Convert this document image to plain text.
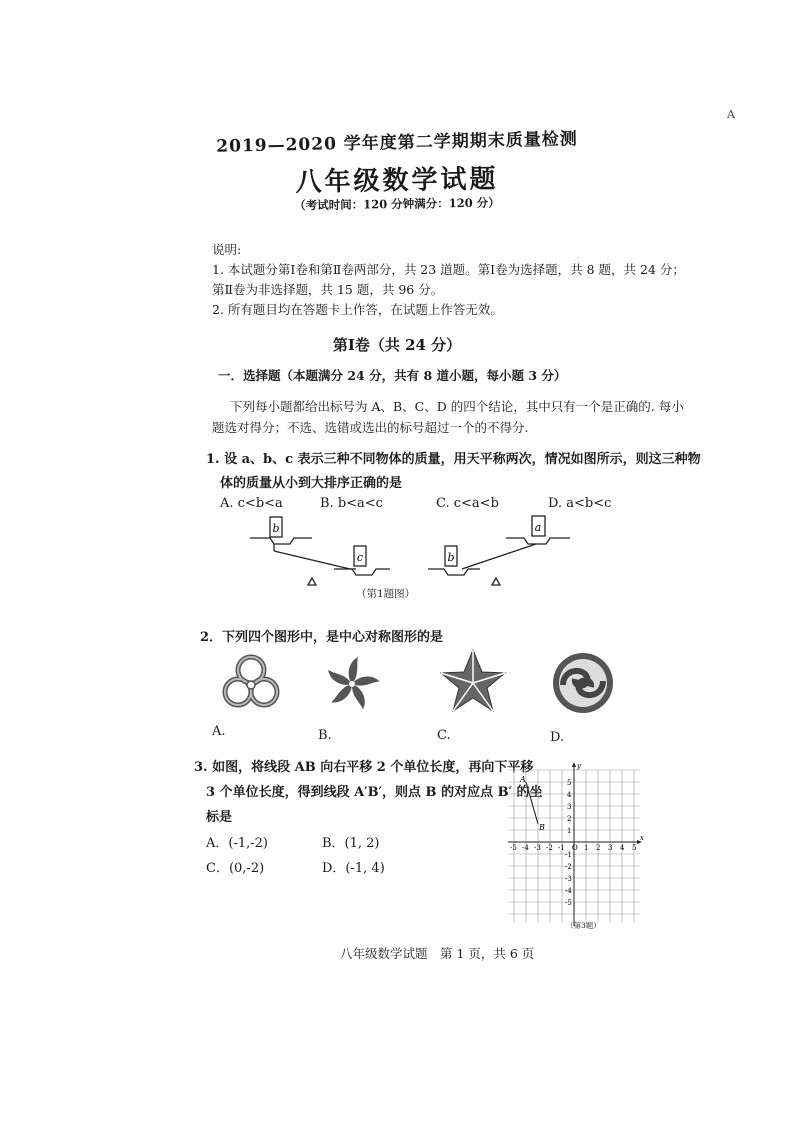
A
2019—2020 学年度第二学期期末质量检测
八年级数学试题
（考试时间：120 分钟满分：120 分）
说明:
1. 本试题分第Ⅰ卷和第Ⅱ卷两部分，共 23 道题。第Ⅰ卷为选择题，共 8 题，共 24 分；
第Ⅱ卷为非选择题，共 15 题，共 96 分。
2. 所有题目均在答题卡上作答，在试题上作答无效。
第Ⅰ卷（共 24 分）
一．选择题（本题满分 24 分，共有 8 道小题，每小题 3 分）
下列每小题都给出标号为 A、B、C、D 的四个结论，其中只有一个是正确的. 每小
题选对得分；不选、选错或选出的标号超过一个的不得分.
1. 设 a、b、c 表示三种不同物体的质量，用天平称两次，情况如图所示，则这三种物
体的质量从小到大排序正确的是
A. c<b<a	B. b<a<c	C. c<a<b	D. a<b<c
b
c	b
a
（第1题图）
2．下列四个图形中，是中心对称图形的是
A.	B.	C.	D.
3. 如图，将线段 AB 向右平移 2 个单位长度，再向下平移
3 个单位长度，得到线段 A′B′，则点 B 的对应点 B′ 的坐
标是
A．(-1,-2)	B．(1, 2)
C．(0,-2)	D．(-1, 4)
A
B
x
y
-5 -4 -3 -2 -1 O 1 2 3 4 5
5
4
3
2
1
-1
-2
-3
-4
-5
（第3题）
八年级数学试题　第 1 页，共 6 页
